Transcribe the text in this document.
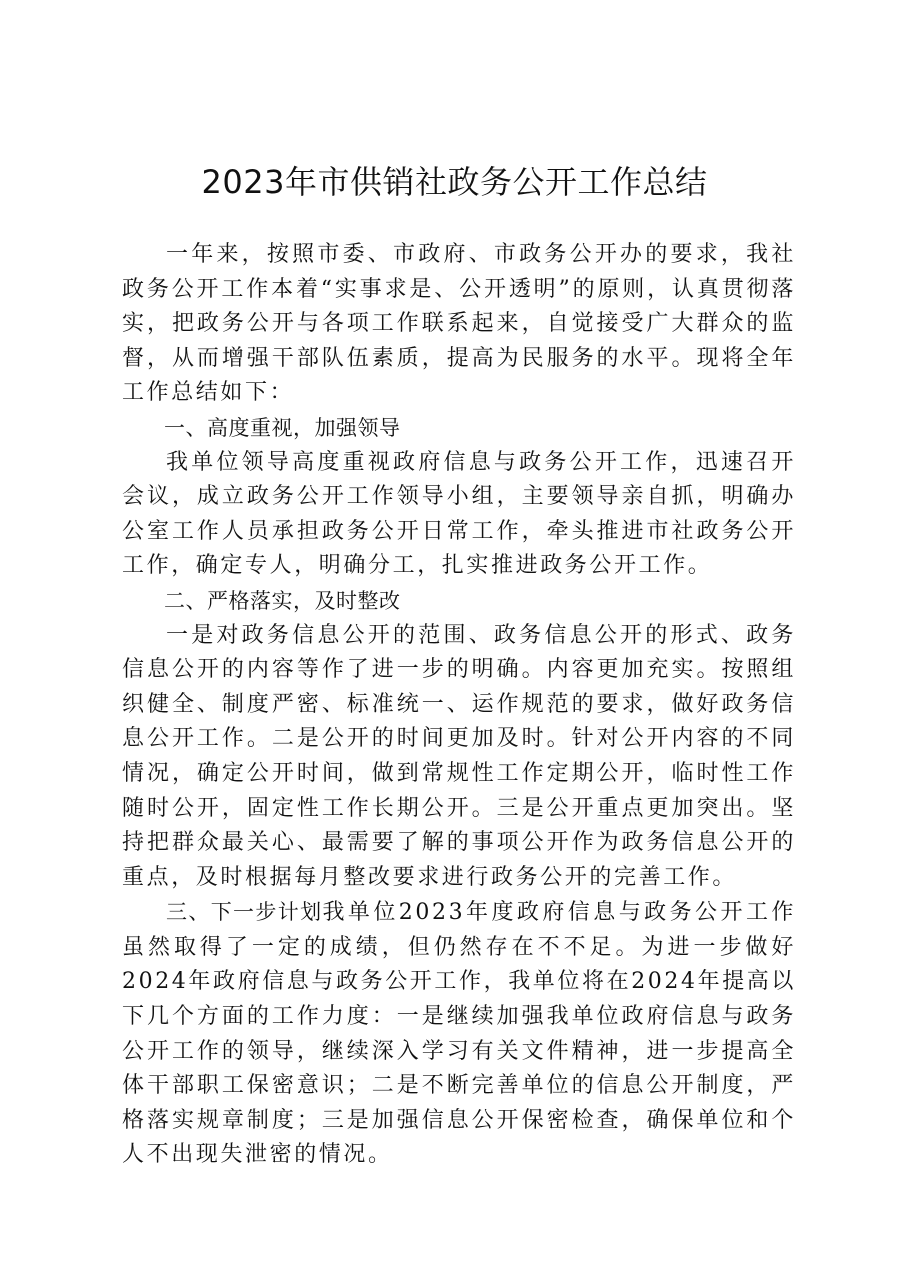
2023年市供销社政务公开工作总结

一年来，按照市委、市政府、市政务公开办的要求，我社政务公开工作本着“实事求是、公开透明”的原则，认真贯彻落实，把政务公开与各项工作联系起来，自觉接受广大群众的监督，从而增强干部队伍素质，提高为民服务的水平。现将全年工作总结如下：

一、高度重视，加强领导

我单位领导高度重视政府信息与政务公开工作，迅速召开会议，成立政务公开工作领导小组，主要领导亲自抓，明确办公室工作人员承担政务公开日常工作，牵头推进市社政务公开工作，确定专人，明确分工，扎实推进政务公开工作。

二、严格落实，及时整改

一是对政务信息公开的范围、政务信息公开的形式、政务信息公开的内容等作了进一步的明确。内容更加充实。按照组织健全、制度严密、标准统一、运作规范的要求，做好政务信息公开工作。二是公开的时间更加及时。针对公开内容的不同情况，确定公开时间，做到常规性工作定期公开，临时性工作随时公开，固定性工作长期公开。三是公开重点更加突出。坚持把群众最关心、最需要了解的事项公开作为政务信息公开的重点，及时根据每月整改要求进行政务公开的完善工作。

三、下一步计划我单位2023年度政府信息与政务公开工作虽然取得了一定的成绩，但仍然存在不不足。为进一步做好2024年政府信息与政务公开工作，我单位将在2024年提高以下几个方面的工作力度：一是继续加强我单位政府信息与政务公开工作的领导，继续深入学习有关文件精神，进一步提高全体干部职工保密意识；二是不断完善单位的信息公开制度，严格落实规章制度；三是加强信息公开保密检查，确保单位和个人不出现失泄密的情况。
